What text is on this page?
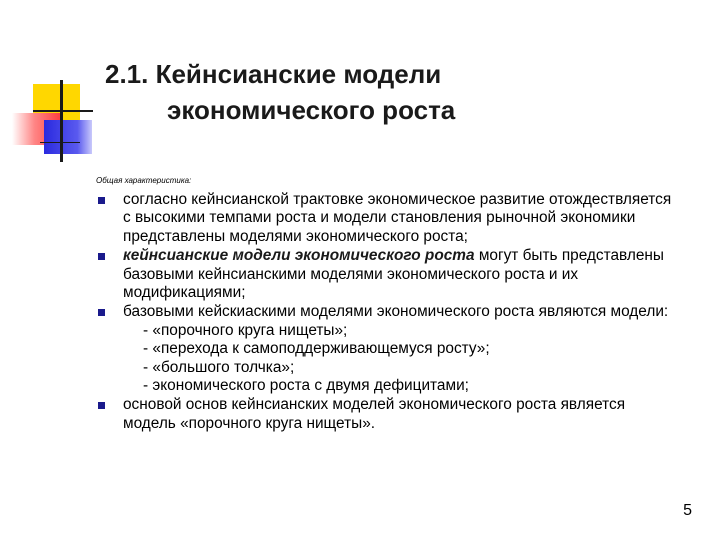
2.1. Кейнсианские модели
экономического роста
Общая характеристика:
согласно кейнсианской трактовке экономическое развитие отождествляется с высокими темпами роста и модели становления рыночной экономики представлены моделями экономического роста;
кейнсианские модели экономического роста могут быть представлены базовыми кейнсианскими моделями экономического роста и их модификациями;
базовыми кейскиаскими моделями экономического роста являются модели:
- «порочного круга нищеты»;
- «перехода к самоподдерживающемуся росту»;
- «большого толчка»;
- экономического роста с двумя дефицитами;
основой основ кейнсианских моделей экономического роста является модель «порочного круга нищеты».
5
